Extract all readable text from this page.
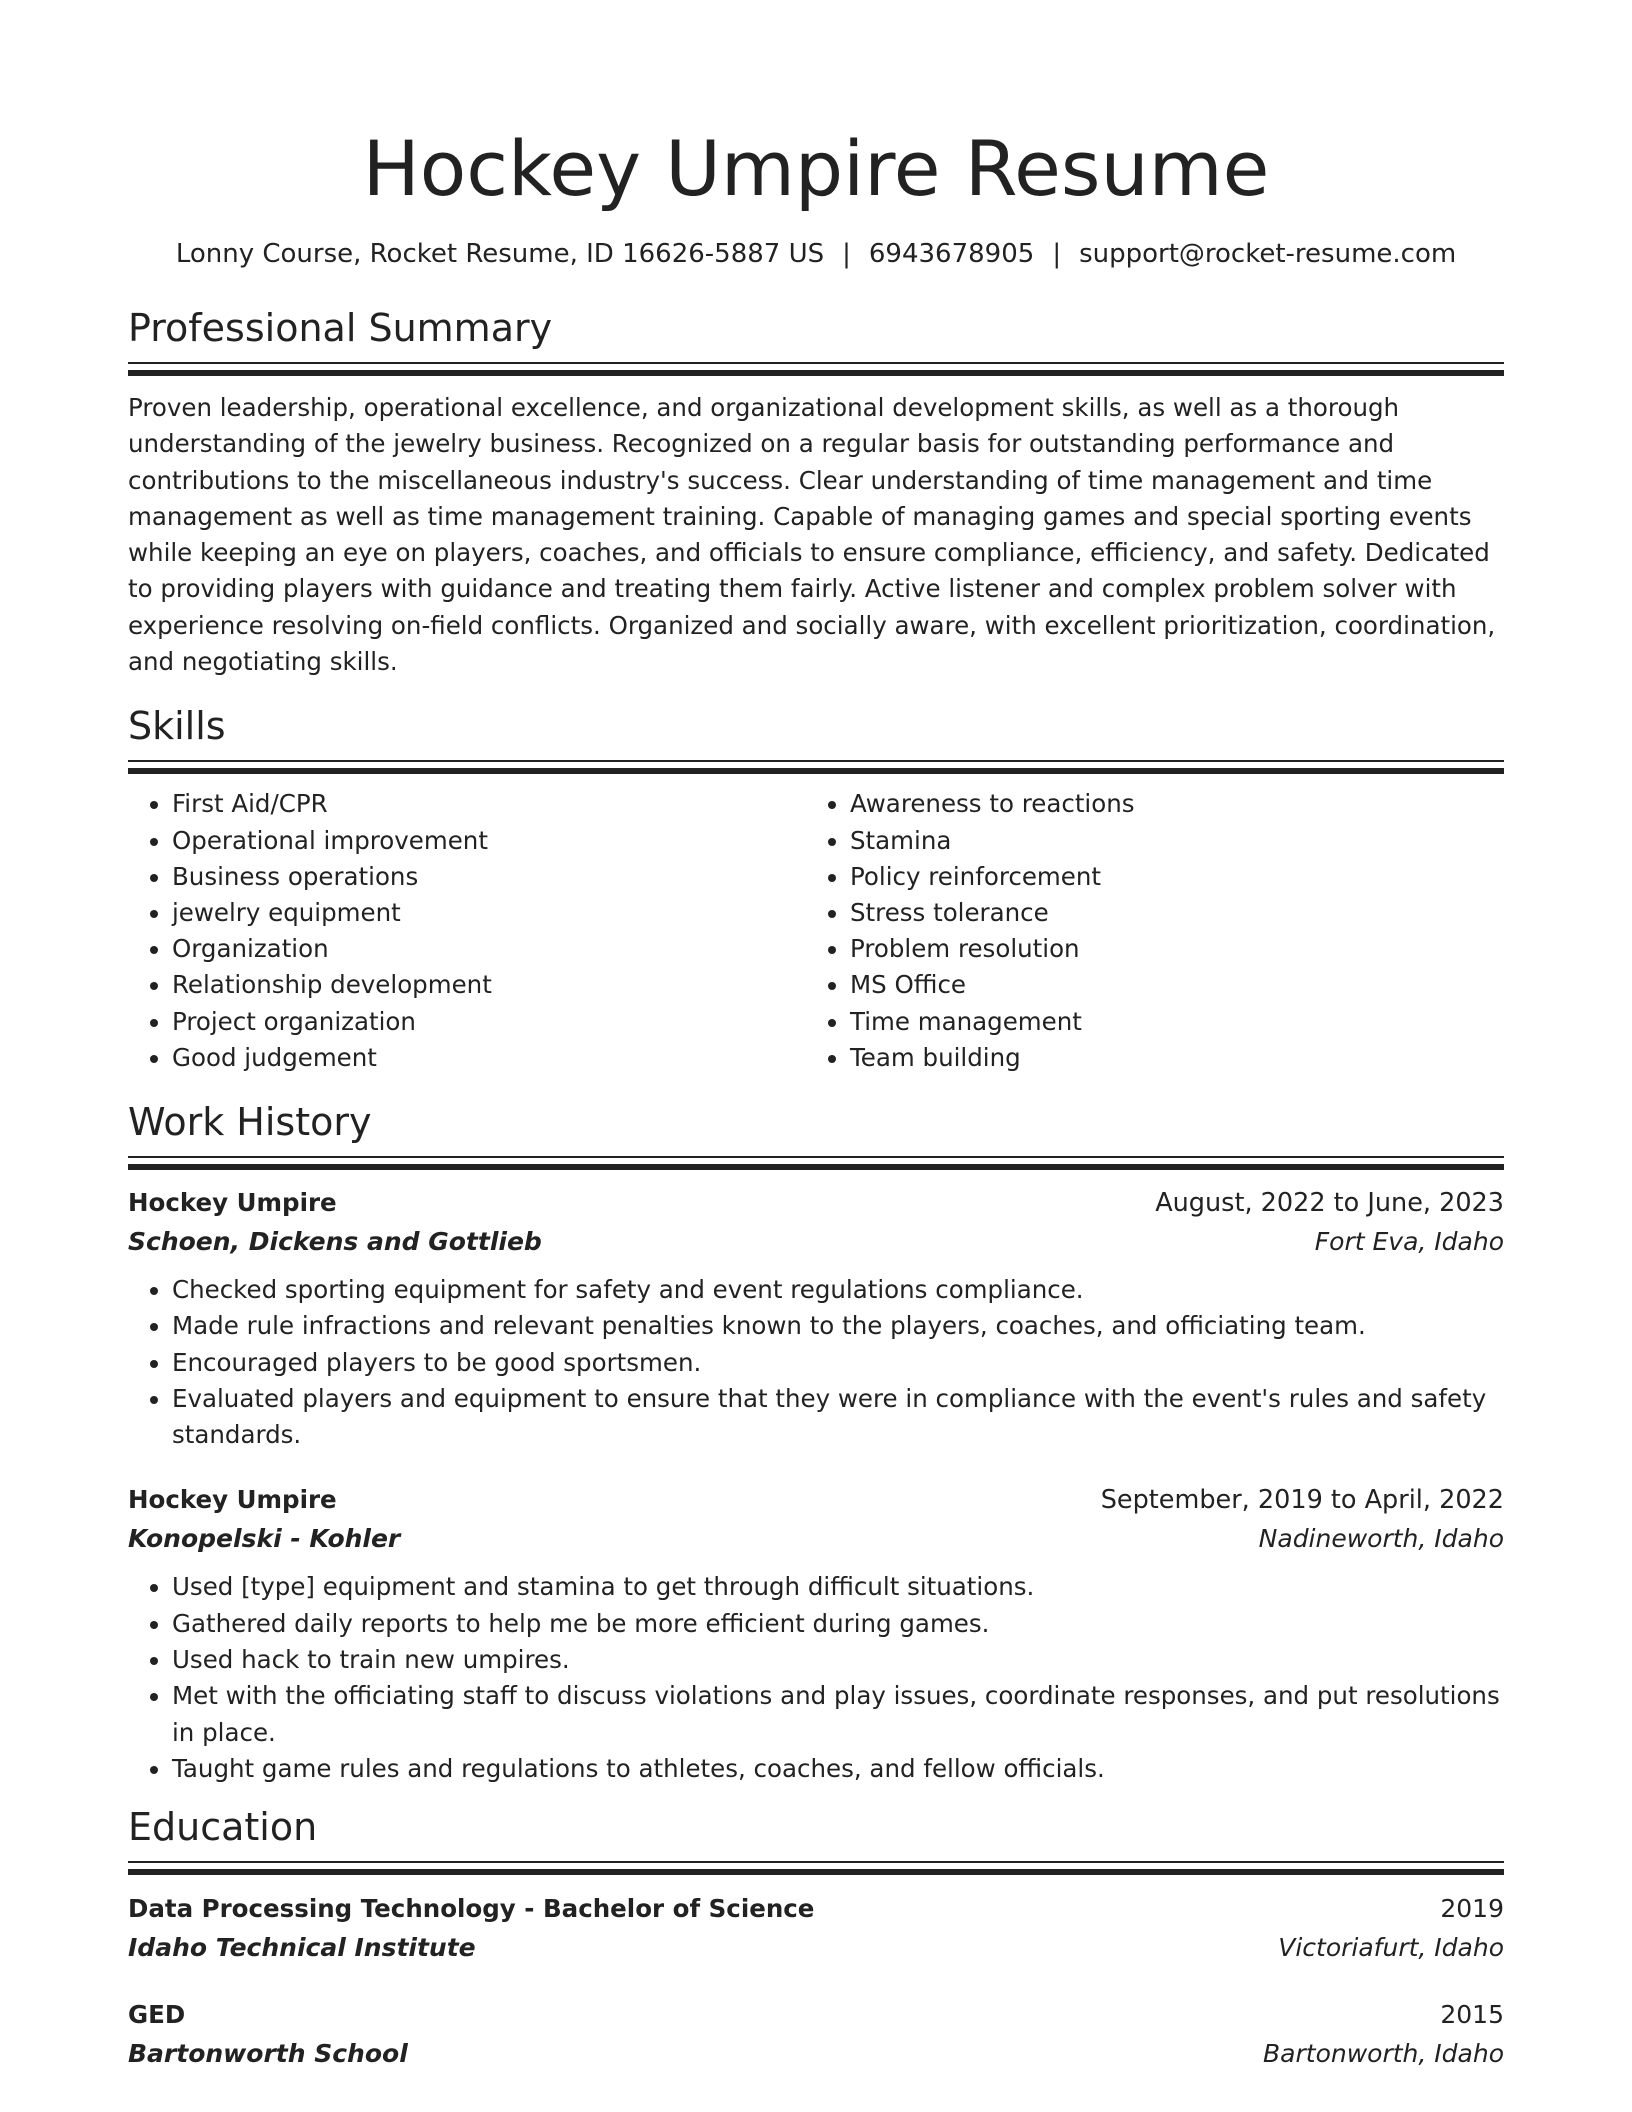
Hockey Umpire Resume
Lonny Course, Rocket Resume, ID 16626-5887 US | 6943678905 | support@rocket-resume.com
Professional Summary
Proven leadership, operational excellence, and organizational development skills, as well as a thorough understanding of the jewelry business. Recognized on a regular basis for outstanding performance and contributions to the miscellaneous industry's success. Clear understanding of time management and time management as well as time management training. Capable of managing games and special sporting events while keeping an eye on players, coaches, and officials to ensure compliance, efficiency, and safety. Dedicated to providing players with guidance and treating them fairly. Active listener and complex problem solver with experience resolving on-field conflicts. Organized and socially aware, with excellent prioritization, coordination, and negotiating skills.
Skills
• First Aid/CPR
• Operational improvement
• Business operations
• jewelry equipment
• Organization
• Relationship development
• Project organization
• Good judgement
• Awareness to reactions
• Stamina
• Policy reinforcement
• Stress tolerance
• Problem resolution
• MS Office
• Time management
• Team building
Work History
Hockey Umpire	August, 2022 to June, 2023
Schoen, Dickens and Gottlieb	Fort Eva, Idaho
• Checked sporting equipment for safety and event regulations compliance.
• Made rule infractions and relevant penalties known to the players, coaches, and officiating team.
• Encouraged players to be good sportsmen.
• Evaluated players and equipment to ensure that they were in compliance with the event's rules and safety standards.
Hockey Umpire	September, 2019 to April, 2022
Konopelski - Kohler	Nadineworth, Idaho
• Used [type] equipment and stamina to get through difficult situations.
• Gathered daily reports to help me be more efficient during games.
• Used hack to train new umpires.
• Met with the officiating staff to discuss violations and play issues, coordinate responses, and put resolutions in place.
• Taught game rules and regulations to athletes, coaches, and fellow officials.
Education
Data Processing Technology - Bachelor of Science	2019
Idaho Technical Institute	Victoriafurt, Idaho
GED	2015
Bartonworth School	Bartonworth, Idaho
